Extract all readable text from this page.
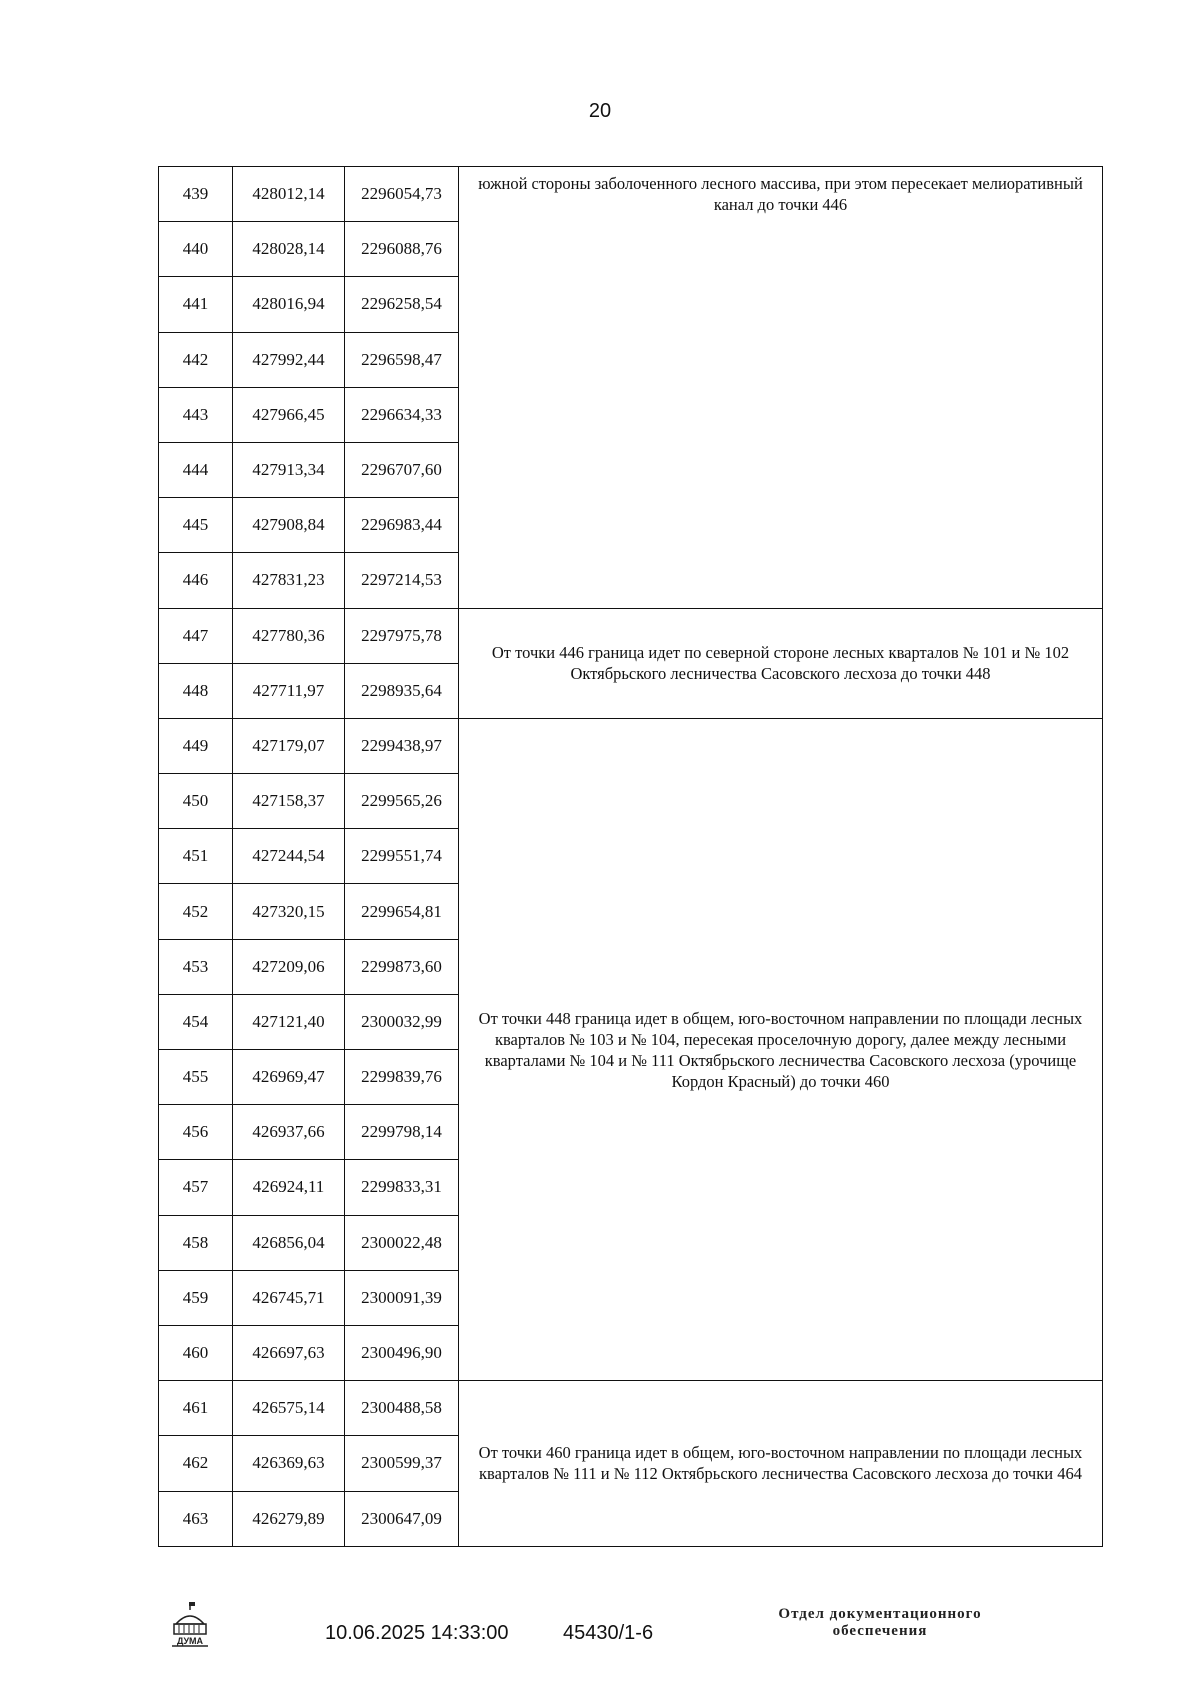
20
439	428012,14	2296054,73	южной стороны заболоченного лесного массива, при этом пересекает мелиоративный канал до точки 446
440	428028,14	2296088,76	
441	428016,94	2296258,54	
442	427992,44	2296598,47	
443	427966,45	2296634,33	
444	427913,34	2296707,60	
445	427908,84	2296983,44	
446	427831,23	2297214,53	
447	427780,36	2297975,78	От точки 446 граница идет по северной стороне лесных кварталов № 101 и № 102 Октябрьского лесничества Сасовского лесхоза до точки 448
448	427711,97	2298935,64	
449	427179,07	2299438,97	От точки 448 граница идет в общем, юго-восточном направлении по площади лесных кварталов № 103 и № 104, пересекая проселочную дорогу, далее между лесными кварталами № 104 и № 111 Октябрьского лесничества Сасовского лесхоза (урочище Кордон Красный) до точки 460
450	427158,37	2299565,26	
451	427244,54	2299551,74	
452	427320,15	2299654,81	
453	427209,06	2299873,60	
454	427121,40	2300032,99	
455	426969,47	2299839,76	
456	426937,66	2299798,14	
457	426924,11	2299833,31	
458	426856,04	2300022,48	
459	426745,71	2300091,39	
460	426697,63	2300496,90	
461	426575,14	2300488,58	От точки 460 граница идет в общем, юго-восточном направлении по площади лесных кварталов № 111 и № 112 Октябрьского лесничества Сасовского лесхоза до точки 464
462	426369,63	2300599,37	
463	426279,89	2300647,09	
ДУМА	10.06.2025 14:33:00	45430/1-6
Отдел документационного
обеспечения
